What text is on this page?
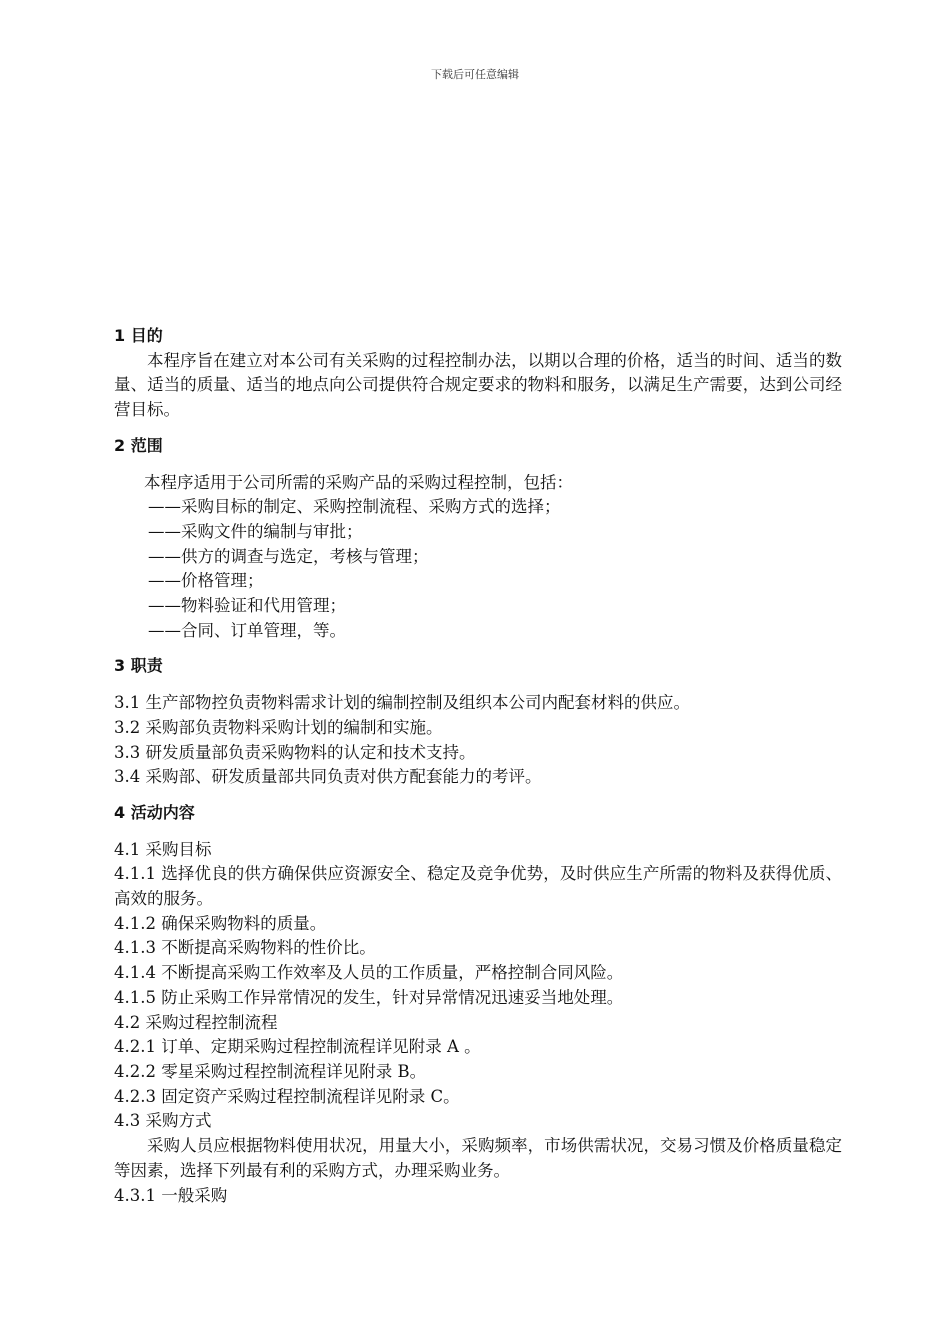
下载后可任意编辑

1 目的

本程序旨在建立对本公司有关采购的过程控制办法，以期以合理的价格，适当的时间、适当的数量、适当的质量、适当的地点向公司提供符合规定要求的物料和服务，以满足生产需要，达到公司经营目标。

2 范围

本程序适用于公司所需的采购产品的采购过程控制，包括：

——采购目标的制定、采购控制流程、采购方式的选择；

——采购文件的编制与审批；

——供方的调查与选定，考核与管理；

——价格管理；

——物料验证和代用管理；

——合同、订单管理，等。

3 职责

3.1 生产部物控负责物料需求计划的编制控制及组织本公司内配套材料的供应。

3.2 采购部负责物料采购计划的编制和实施。

3.3 研发质量部负责采购物料的认定和技术支持。

3.4 采购部、研发质量部共同负责对供方配套能力的考评。

4 活动内容

4.1 采购目标

4.1.1 选择优良的供方确保供应资源安全、稳定及竞争优势，及时供应生产所需的物料及获得优质、高效的服务。

4.1.2 确保采购物料的质量。

4.1.3 不断提高采购物料的性价比。

4.1.4 不断提高采购工作效率及人员的工作质量，严格控制合同风险。

4.1.5 防止采购工作异常情况的发生，针对异常情况迅速妥当地处理。

4.2 采购过程控制流程

4.2.1 订单、定期采购过程控制流程详见附录 A 。

4.2.2 零星采购过程控制流程详见附录 B。

4.2.3 固定资产采购过程控制流程详见附录 C。

4.3 采购方式

采购人员应根据物料使用状况，用量大小，采购频率，市场供需状况，交易习惯及价格质量稳定等因素，选择下列最有利的采购方式，办理采购业务。

4.3.1 一般采购
